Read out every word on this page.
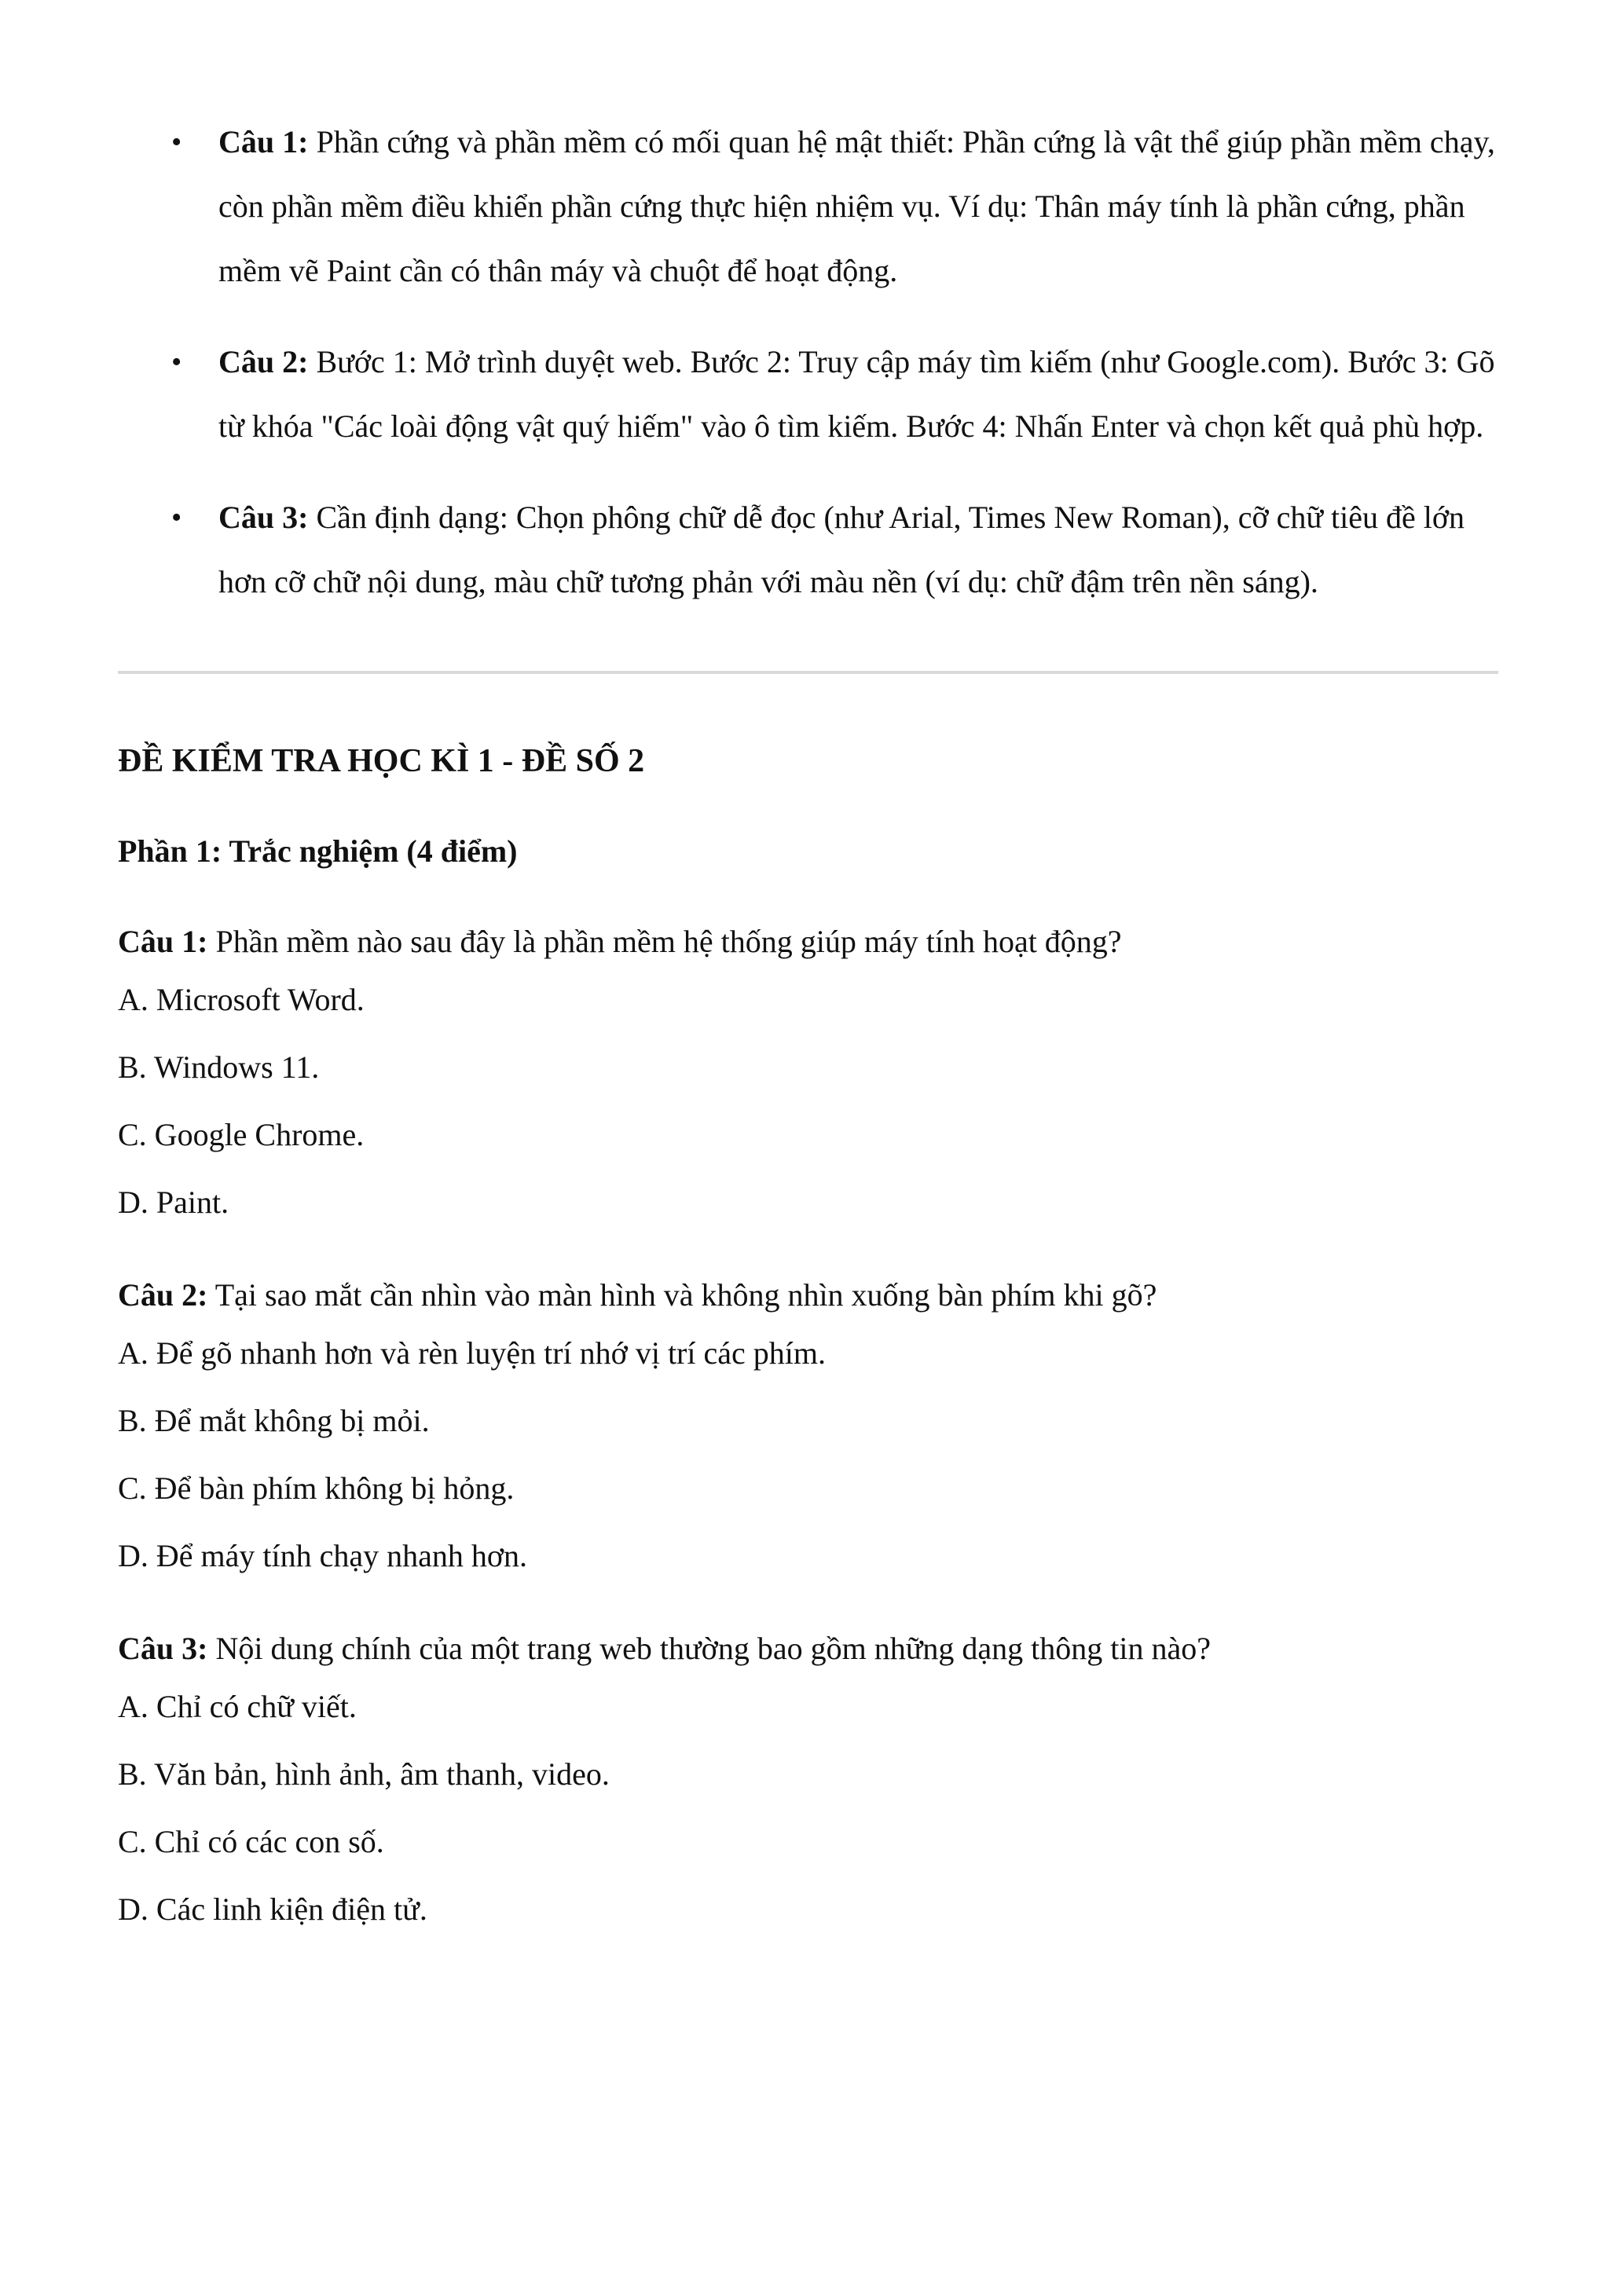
• Câu 1: Phần cứng và phần mềm có mối quan hệ mật thiết: Phần cứng là vật thể giúp phần mềm chạy, còn phần mềm điều khiển phần cứng thực hiện nhiệm vụ. Ví dụ: Thân máy tính là phần cứng, phần mềm vẽ Paint cần có thân máy và chuột để hoạt động.
• Câu 2: Bước 1: Mở trình duyệt web. Bước 2: Truy cập máy tìm kiếm (như Google.com). Bước 3: Gõ từ khóa "Các loài động vật quý hiếm" vào ô tìm kiếm. Bước 4: Nhấn Enter và chọn kết quả phù hợp.
• Câu 3: Cần định dạng: Chọn phông chữ dễ đọc (như Arial, Times New Roman), cỡ chữ tiêu đề lớn hơn cỡ chữ nội dung, màu chữ tương phản với màu nền (ví dụ: chữ đậm trên nền sáng).
ĐỀ KIỂM TRA HỌC KÌ 1 - ĐỀ SỐ 2
Phần 1: Trắc nghiệm (4 điểm)

Câu 1: Phần mềm nào sau đây là phần mềm hệ thống giúp máy tính hoạt động?

A. Microsoft Word.

B. Windows 11.

C. Google Chrome.

D. Paint.

Câu 2: Tại sao mắt cần nhìn vào màn hình và không nhìn xuống bàn phím khi gõ?

A. Để gõ nhanh hơn và rèn luyện trí nhớ vị trí các phím.

B. Để mắt không bị mỏi.

C. Để bàn phím không bị hỏng.

D. Để máy tính chạy nhanh hơn.

Câu 3: Nội dung chính của một trang web thường bao gồm những dạng thông tin nào?

A. Chỉ có chữ viết.

B. Văn bản, hình ảnh, âm thanh, video.

C. Chỉ có các con số.

D. Các linh kiện điện tử.
